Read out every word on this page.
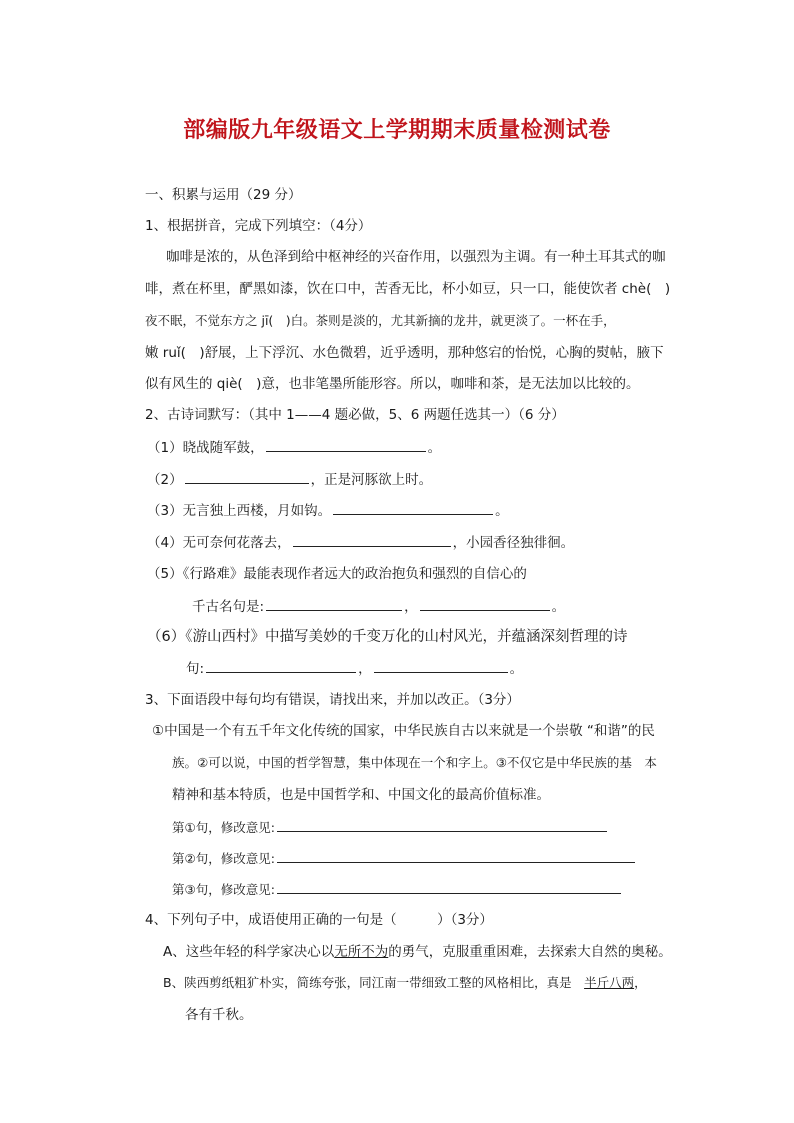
部编版九年级语文上学期期末质量检测试卷
一、积累与运用（29 分）
1、根据拼音，完成下列填空：（4分）
咖啡是浓的，从色泽到给中枢神经的兴奋作用，以强烈为主调。有一种土耳其式的咖
啡，煮在杯里，酽黑如漆，饮在口中，苦香无比，杯小如豆，只一口，能使饮者 chè(　)
夜不眠，不觉东方之 jī(　)白。茶则是淡的，尤其新摘的龙井，就更淡了。一杯在手，
嫩 ruǐ(　)舒展，上下浮沉、水色微碧，近乎透明，那种悠宕的怡悦，心胸的熨帖，腋下
似有风生的 qiè(　)意，也非笔墨所能形容。所以，咖啡和茶，是无法加以比较的。
2、古诗词默写：（其中 1——4 题必做，5、6 两题任选其一）（6 分）
（1）晓战随军鼓，	。
（2）	，正是河豚欲上时。
（3）无言独上西楼，月如钩。	。
（4）无可奈何花落去，	，小园香径独徘徊。
（5）《行路难》最能表现作者远大的政治抱负和强烈的自信心的
千古名句是:	，	。
（6）《游山西村》中描写美妙的千变万化的山村风光，并蕴涵深刻哲理的诗
句:	，	。
3、下面语段中每句均有错误，请找出来，并加以改正。（3分）
①中国是一个有五千年文化传统的国家，中华民族自古以来就是一个崇敬 “和谐”的民
族。②可以说，中国的哲学智慧，集中体现在一个和字上。③不仅它是中华民族的基　本
精神和基本特质，也是中国哲学和、中国文化的最高价值标准。
第①句，修改意见:
第②句，修改意见:
第③句，修改意见:
4、下列句子中，成语使用正确的一句是（　　　）（3分）
A、这些年轻的科学家决心以无所不为的勇气，克服重重困难，去探索大自然的奥秘。
B、陕西剪纸粗犷朴实，简练夸张，同江南一带细致工整的风格相比，真是　半斤八两，
各有千秋。
